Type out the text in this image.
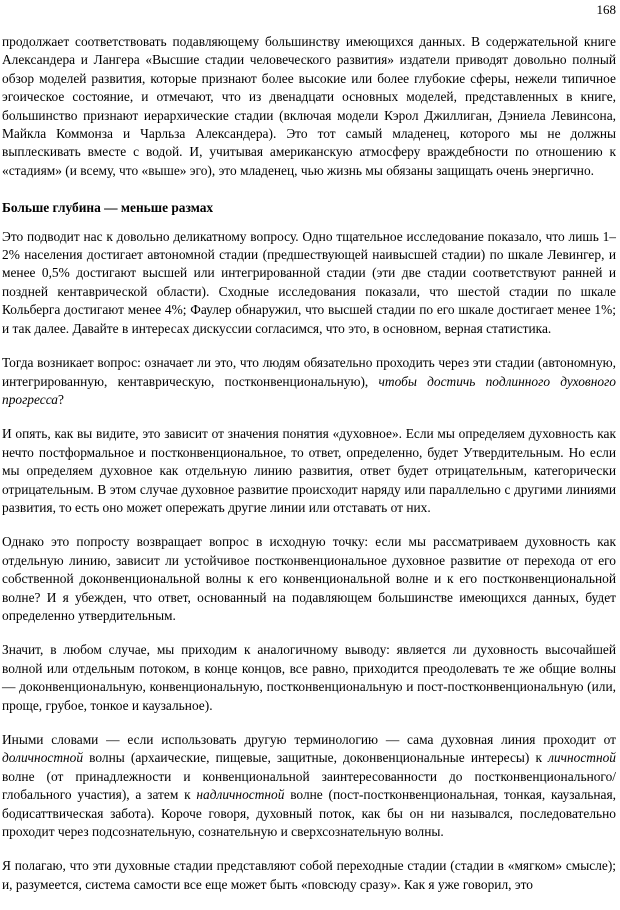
168

продолжает соответствовать подавляющему большинству имеющихся данных. В содержательной книге Александера и Лангера «Высшие стадии человеческого развития» издатели приводят довольно полный обзор моделей развития, которые признают более высокие или более глубокие сферы, нежели типичное эгоическое состояние, и отмечают, что из двенадцати основных моделей, представленных в книге, большинство признают иерархические стадии (включая модели Кэрол Джиллиган, Дэниела Левинсона, Майкла Коммонза и Чарльза Александера). Это тот самый младенец, которого мы не должны выплескивать вместе с водой. И, учитывая американскую атмосферу враждебности по отношению к «стадиям» (и всему, что «выше» эго), это младенец, чью жизнь мы обязаны защищать очень энергично.

Больше глубина — меньше размах

Это подводит нас к довольно деликатному вопросу. Одно тщательное исследование показало, что лишь 1–2% населения достигает автономной стадии (предшествующей наивысшей стадии) по шкале Левингер, и менее 0,5% достигают высшей или интегрированной стадии (эти две стадии соответствуют ранней и поздней кентаврической области). Сходные исследования показали, что шестой стадии по шкале Кольберга достигают менее 4%; Фаулер обнаружил, что высшей стадии по его шкале достигает менее 1%; и так далее. Давайте в интересах дискуссии согласимся, что это, в основном, верная статистика.

Тогда возникает вопрос: означает ли это, что людям обязательно проходить через эти стадии (автономную, интегрированную, кентаврическую, постконвенциональную), чтобы достичь подлинного духовного прогресса?

И опять, как вы видите, это зависит от значения понятия «духовное». Если мы определяем духовность как нечто постформальное и постконвенциональное, то ответ, определенно, будет Утвердительным. Но если мы определяем духовное как отдельную линию развития, ответ будет отрицательным, категорически отрицательным. В этом случае духовное развитие происходит наряду или параллельно с другими линиями развития, то есть оно может опережать другие линии или отставать от них.

Однако это попросту возвращает вопрос в исходную точку: если мы рассматриваем духовность как отдельную линию, зависит ли устойчивое постконвенциональное духовное развитие от перехода от его собственной доконвенциональной волны к его конвенциональной волне и к его постконвенциональной волне? И я убежден, что ответ, основанный на подавляющем большинстве имеющихся данных, будет определенно утвердительным.

Значит, в любом случае, мы приходим к аналогичному выводу: является ли духовность высочайшей волной или отдельным потоком, в конце концов, все равно, приходится преодолевать те же общие волны — доконвенциональную, конвенциональную, постконвенциональную и пост-постконвенциональную (или, проще, грубое, тонкое и каузальное).

Иными словами — если использовать другую терминологию — сама духовная линия проходит от доличностной волны (архаические, пищевые, защитные, доконвенциональные интересы) к личностной волне (от принадлежности и конвенциональной заинтересованности до постконвенционального/глобального участия), а затем к надличностной волне (пост-постконвенциональная, тонкая, каузальная, бодисаттвическая забота). Короче говоря, духовный поток, как бы он ни назывался, последовательно проходит через подсознательную, сознательную и сверхсознательную волны.

Я полагаю, что эти духовные стадии представляют собой переходные стадии (стадии в «мягком» смысле); и, разумеется, система самости все еще может быть «повсюду сразу». Как я уже говорил, это
